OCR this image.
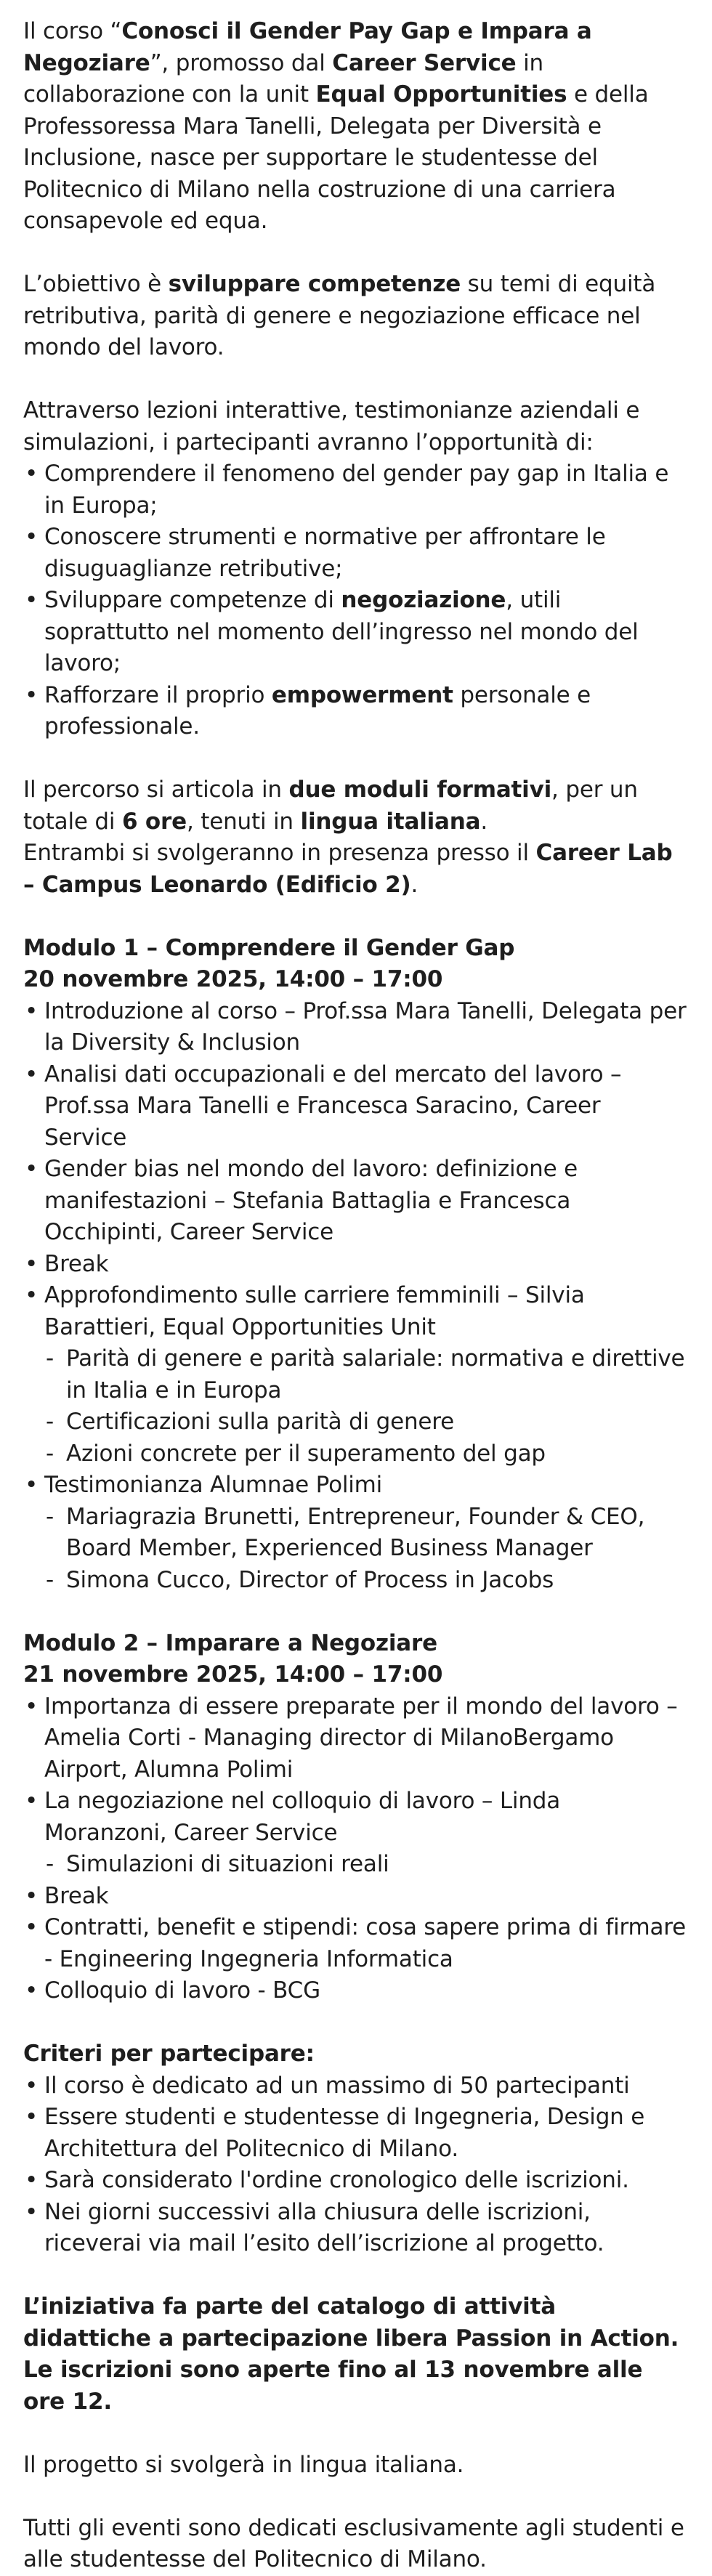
Il corso “Conosci il Gender Pay Gap e Impara a Negoziare”, promosso dal Career Service in collaborazione con la unit Equal Opportunities e della Professoressa Mara Tanelli, Delegata per Diversità e Inclusione, nasce per supportare le studentesse del Politecnico di Milano nella costruzione di una carriera consapevole ed equa.

L’obiettivo è sviluppare competenze su temi di equità retributiva, parità di genere e negoziazione efficace nel mondo del lavoro.

Attraverso lezioni interattive, testimonianze aziendali e simulazioni, i partecipanti avranno l’opportunità di:

• Comprendere il fenomeno del gender pay gap in Italia e in Europa;
• Conoscere strumenti e normative per affrontare le disuguaglianze retributive;
• Sviluppare competenze di negoziazione, utili soprattutto nel momento dell’ingresso nel mondo del lavoro;
• Rafforzare il proprio empowerment personale e professionale.

Il percorso si articola in due moduli formativi, per un totale di 6 ore, tenuti in lingua italiana.

Entrambi si svolgeranno in presenza presso il Career Lab – Campus Leonardo (Edificio 2).

Modulo 1 – Comprendere il Gender Gap

20 novembre 2025, 14:00 – 17:00

• Introduzione al corso – Prof.ssa Mara Tanelli, Delegata per la Diversity & Inclusion
• Analisi dati occupazionali e del mercato del lavoro – Prof.ssa Mara Tanelli e Francesca Saracino, Career Service
• Gender bias nel mondo del lavoro: definizione e manifestazioni – Stefania Battaglia e Francesca Occhipinti, Career Service
• Break
• Approfondimento sulle carriere femminili – Silvia Barattieri, Equal Opportunities Unit
- Parità di genere e parità salariale: normativa e direttive in Italia e in Europa
- Certificazioni sulla parità di genere
- Azioni concrete per il superamento del gap
• Testimonianza Alumnae Polimi
- Mariagrazia Brunetti, Entrepreneur, Founder & CEO, Board Member, Experienced Business Manager
- Simona Cucco, Director of Process in Jacobs

Modulo 2 – Imparare a Negoziare

21 novembre 2025, 14:00 – 17:00

• Importanza di essere preparate per il mondo del lavoro – Amelia Corti - Managing director di MilanoBergamo Airport, Alumna Polimi
• La negoziazione nel colloquio di lavoro – Linda Moranzoni, Career Service
- Simulazioni di situazioni reali
• Break
• Contratti, benefit e stipendi: cosa sapere prima di firmare - Engineering Ingegneria Informatica
• Colloquio di lavoro - BCG

Criteri per partecipare:

• Il corso è dedicato ad un massimo di 50 partecipanti
• Essere studenti e studentesse di Ingegneria, Design e Architettura del Politecnico di Milano.
• Sarà considerato l'ordine cronologico delle iscrizioni.
• Nei giorni successivi alla chiusura delle iscrizioni, riceverai via mail l’esito dell’iscrizione al progetto.

L’iniziativa fa parte del catalogo di attività didattiche a partecipazione libera Passion in Action. Le iscrizioni sono aperte fino al 13 novembre alle ore 12.

Il progetto si svolgerà in lingua italiana.

Tutti gli eventi sono dedicati esclusivamente agli studenti e alle studentesse del Politecnico di Milano.
